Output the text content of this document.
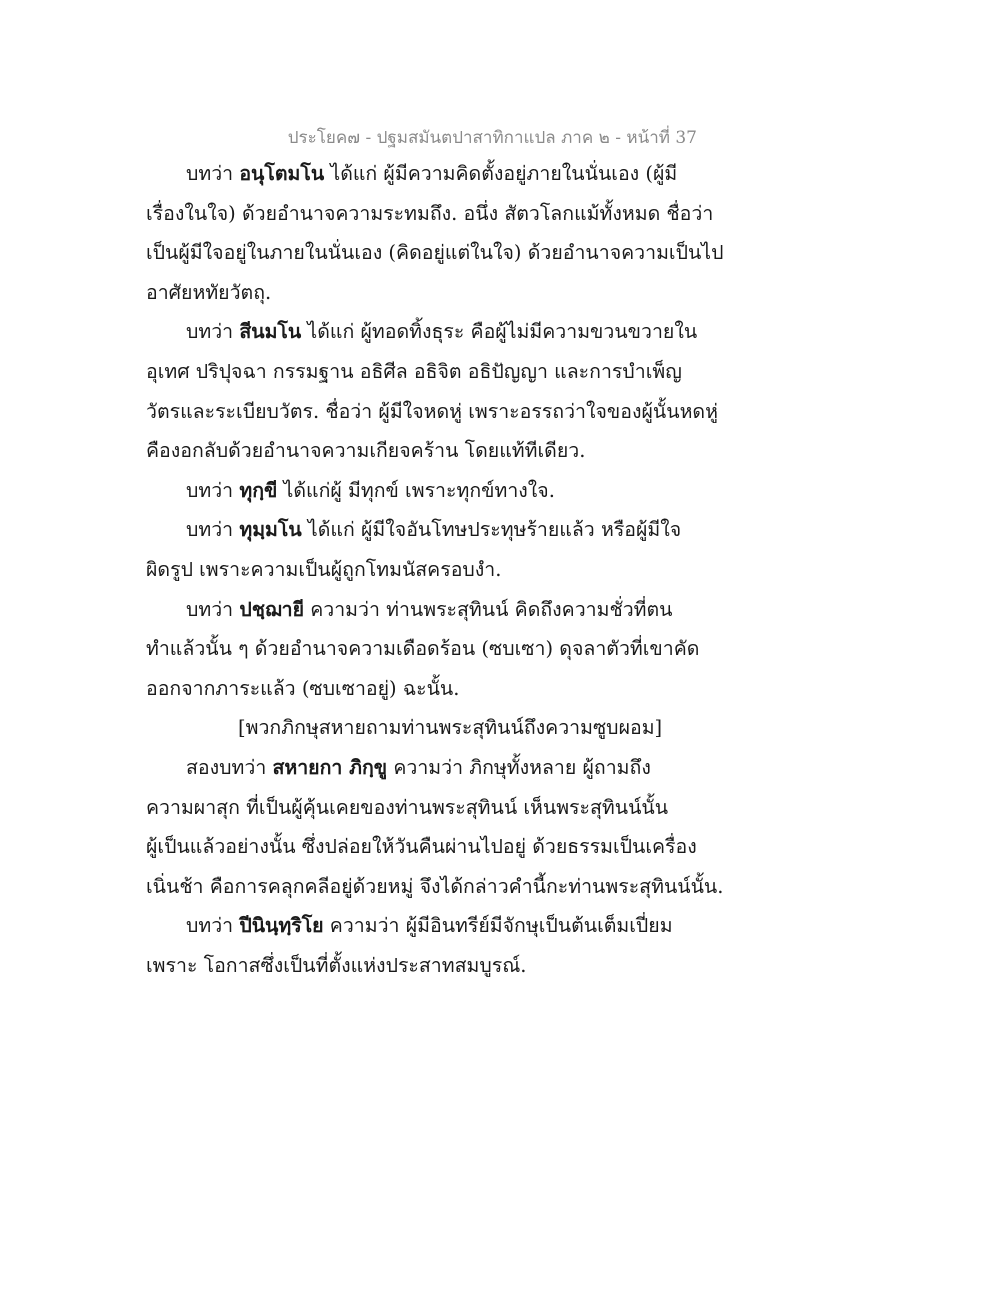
ประโยค๗ - ปฐมสมันตปาสาทิกาแปล ภาค ๒ - หน้าที่ 37
บทว่า อนุโตมโน ได้แก่ ผู้มีความคิดตั้งอยู่ภายในนั่นเอง (ผู้มี
เรื่องในใจ) ด้วยอำนาจความระทมถึง. อนึ่ง สัตวโลกแม้ทั้งหมด ชื่อว่า
เป็นผู้มีใจอยู่ในภายในนั่นเอง (คิดอยู่แต่ในใจ) ด้วยอำนาจความเป็นไป
อาศัยหทัยวัตถุ.
บทว่า สีนมโน ได้แก่ ผู้ทอดทิ้งธุระ คือผู้ไม่มีความขวนขวายใน
อุเทศ ปริปุจฉา กรรมฐาน อธิศีล อธิจิต อธิปัญญา และการบำเพ็ญ
วัตรและระเบียบวัตร. ชื่อว่า ผู้มีใจหดหู่ เพราะอรรถว่าใจของผู้นั้นหดหู่
คืองอกลับด้วยอำนาจความเกียจคร้าน โดยแท้ทีเดียว.
บทว่า ทุกฺขี ได้แก่ผู้ มีทุกข์ เพราะทุกข์ทางใจ.
บทว่า ทุมฺมโน ได้แก่ ผู้มีใจอันโทษประทุษร้ายแล้ว หรือผู้มีใจ
ผิดรูป เพราะความเป็นผู้ถูกโทมนัสครอบงำ.
บทว่า ปชฺฌายี ความว่า ท่านพระสุทินน์ คิดถึงความชั่วที่ตน
ทำแล้วนั้น ๆ ด้วยอำนาจความเดือดร้อน (ซบเซา) ดุจลาตัวที่เขาคัด
ออกจากภาระแล้ว (ซบเซาอยู่) ฉะนั้น.
[พวกภิกษุสหายถามท่านพระสุทินน์ถึงความซูบผอม]
สองบทว่า สหายกา ภิกฺขู ความว่า ภิกษุทั้งหลาย ผู้ถามถึง
ความผาสุก ที่เป็นผู้คุ้นเคยของท่านพระสุทินน์ เห็นพระสุทินน์นั้น
ผู้เป็นแล้วอย่างนั้น ซึ่งปล่อยให้วันคืนผ่านไปอยู่ ด้วยธรรมเป็นเครื่อง
เนิ่นช้า คือการคลุกคลีอยู่ด้วยหมู่ จึงได้กล่าวคำนี้กะท่านพระสุทินน์นั้น.
บทว่า ปีนินฺทฺริโย ความว่า ผู้มีอินทรีย์มีจักษุเป็นต้นเต็มเปี่ยม
เพราะ โอกาสซึ่งเป็นที่ตั้งแห่งประสาทสมบูรณ์.
